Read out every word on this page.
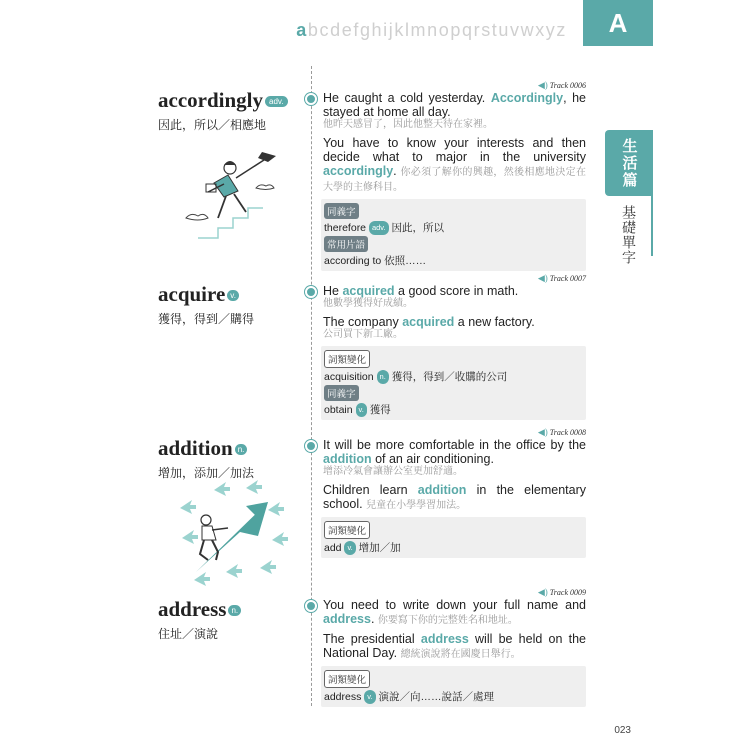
abcdefghijklmnopqrstuvwxyz	A
生活篇
基礎單字
accordingly adv.
因此，所以／相應地
◀) Track 0006
He caught a cold yesterday. Accordingly, he stayed at home all day.
他昨天感冒了，因此他整天待在家裡。
You have to know your interests and then decide what to major in the university accordingly. 你必須了解你的興趣，然後相應地決定在大學的主修科目。
同義字
therefore adv. 因此，所以
常用片語
according to 依照……
acquire v.
獲得，得到／購得
◀) Track 0007
He acquired a good score in math.
他數學獲得好成績。
The company acquired a new factory.
公司買下新工廠。
詞類變化
acquisition n. 獲得，得到／收購的公司
同義字
obtain v. 獲得
addition n.
增加，添加／加法
◀) Track 0008
It will be more comfortable in the office by the addition of an air conditioning.
增添冷氣會讓辦公室更加舒適。
Children learn addition in the elementary school. 兒童在小學學習加法。
詞類變化
add v. 增加／加
address n.
住址／演說
◀) Track 0009
You need to write down your full name and address. 你要寫下你的完整姓名和地址。
The presidential address will be held on the National Day. 總統演說將在國慶日舉行。
詞類變化
address v. 演說／向……說話／處理
023
